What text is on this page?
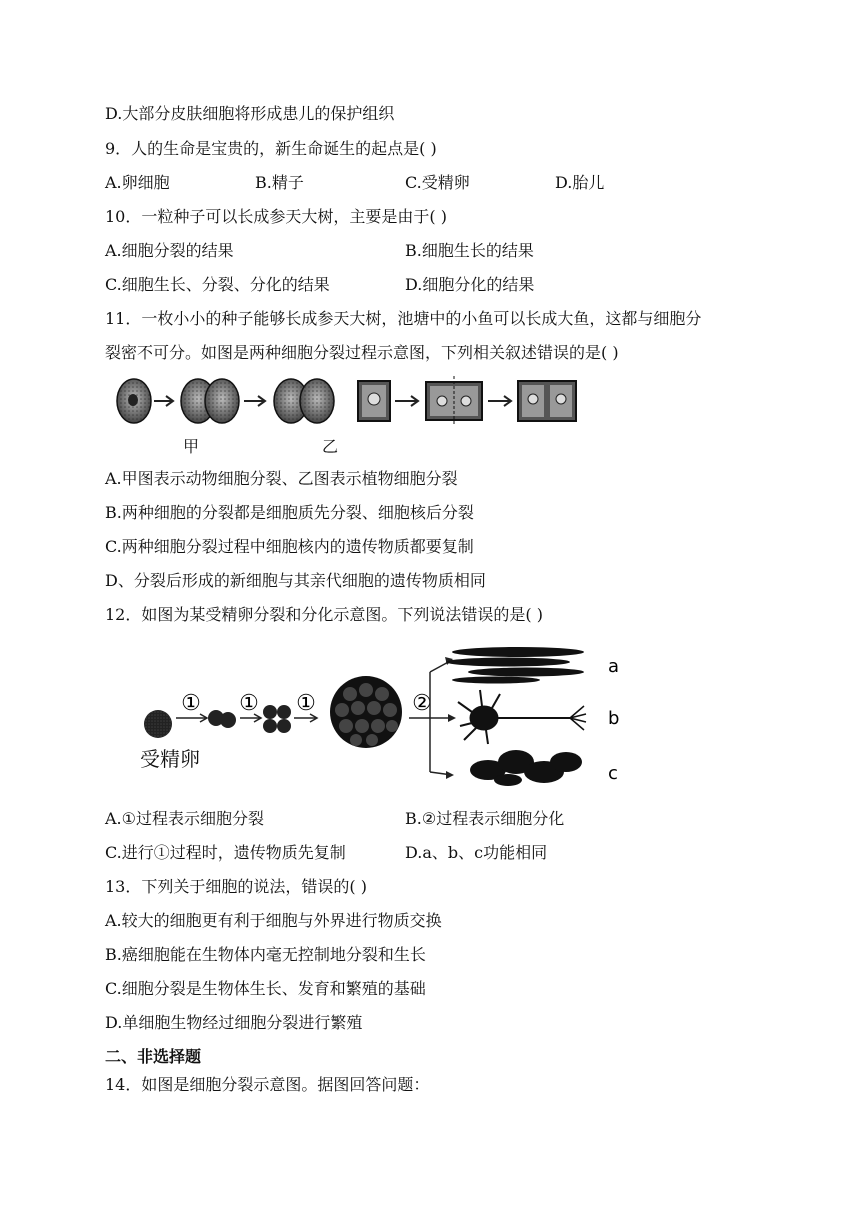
D.大部分皮肤细胞将形成患儿的保护组织
9．人的生命是宝贵的，新生命诞生的起点是( )
A.卵细胞	B.精子	C.受精卵	D.胎儿
10．一粒种子可以长成参天大树，主要是由于( )
A.细胞分裂的结果	B.细胞生长的结果
C.细胞生长、分裂、分化的结果	D.细胞分化的结果
11．一枚小小的种子能够长成参天大树，池塘中的小鱼可以长成大鱼，这都与细胞分
裂密不可分。如图是两种细胞分裂过程示意图，下列相关叙述错误的是( )
甲	乙
A.甲图表示动物细胞分裂、乙图表示植物细胞分裂
B.两种细胞的分裂都是细胞质先分裂、细胞核后分裂
C.两种细胞分裂过程中细胞核内的遗传物质都要复制
D、分裂后形成的新细胞与其亲代细胞的遗传物质相同
12．如图为某受精卵分裂和分化示意图。下列说法错误的是( )
① ① ①	②
a
b
c
受精卵
A.①过程表示细胞分裂	B.②过程表示细胞分化
C.进行①过程时，遗传物质先复制	D.a、b、c功能相同
13．下列关于细胞的说法，错误的( )
A.较大的细胞更有利于细胞与外界进行物质交换
B.癌细胞能在生物体内毫无控制地分裂和生长
C.细胞分裂是生物体生长、发育和繁殖的基础
D.单细胞生物经过细胞分裂进行繁殖
二、非选择题
14．如图是细胞分裂示意图。据图回答问题：
